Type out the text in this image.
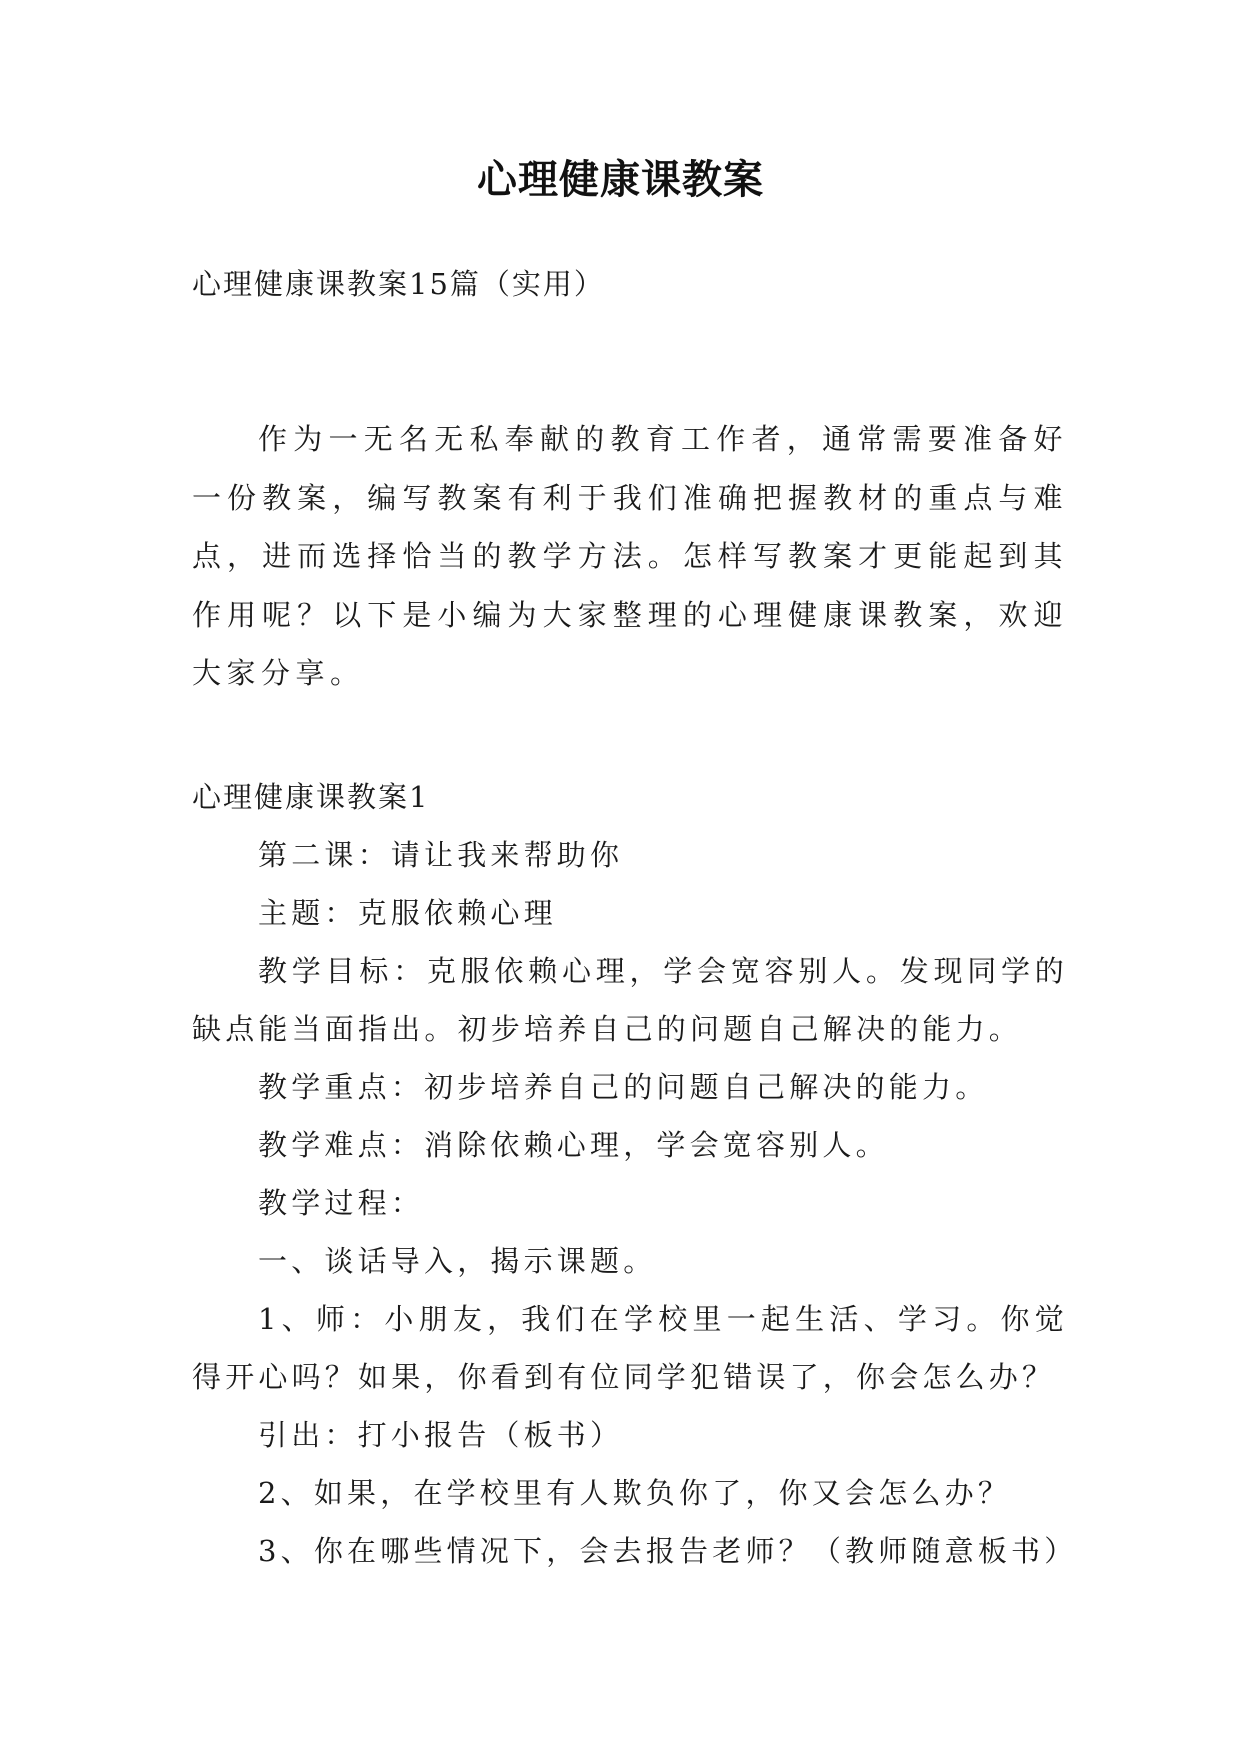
心理健康课教案
心理健康课教案15篇（实用）
作为一无名无私奉献的教育工作者，通常需要准备好一份教案，编写教案有利于我们准确把握教材的重点与难点，进而选择恰当的教学方法。怎样写教案才更能起到其作用呢？以下是小编为大家整理的心理健康课教案，欢迎大家分享。

心理健康课教案1

第二课：请让我来帮助你

主题：克服依赖心理

教学目标：克服依赖心理，学会宽容别人。发现同学的缺点能当面指出。初步培养自己的问题自己解决的能力。

教学重点：初步培养自己的问题自己解决的能力。

教学难点：消除依赖心理，学会宽容别人。

教学过程：

一、谈话导入，揭示课题。

1、师：小朋友，我们在学校里一起生活、学习。你觉得开心吗？如果，你看到有位同学犯错误了，你会怎么办？

引出：打小报告（板书）

2、如果，在学校里有人欺负你了，你又会怎么办？

3、你在哪些情况下，会去报告老师？（教师随意板书）
